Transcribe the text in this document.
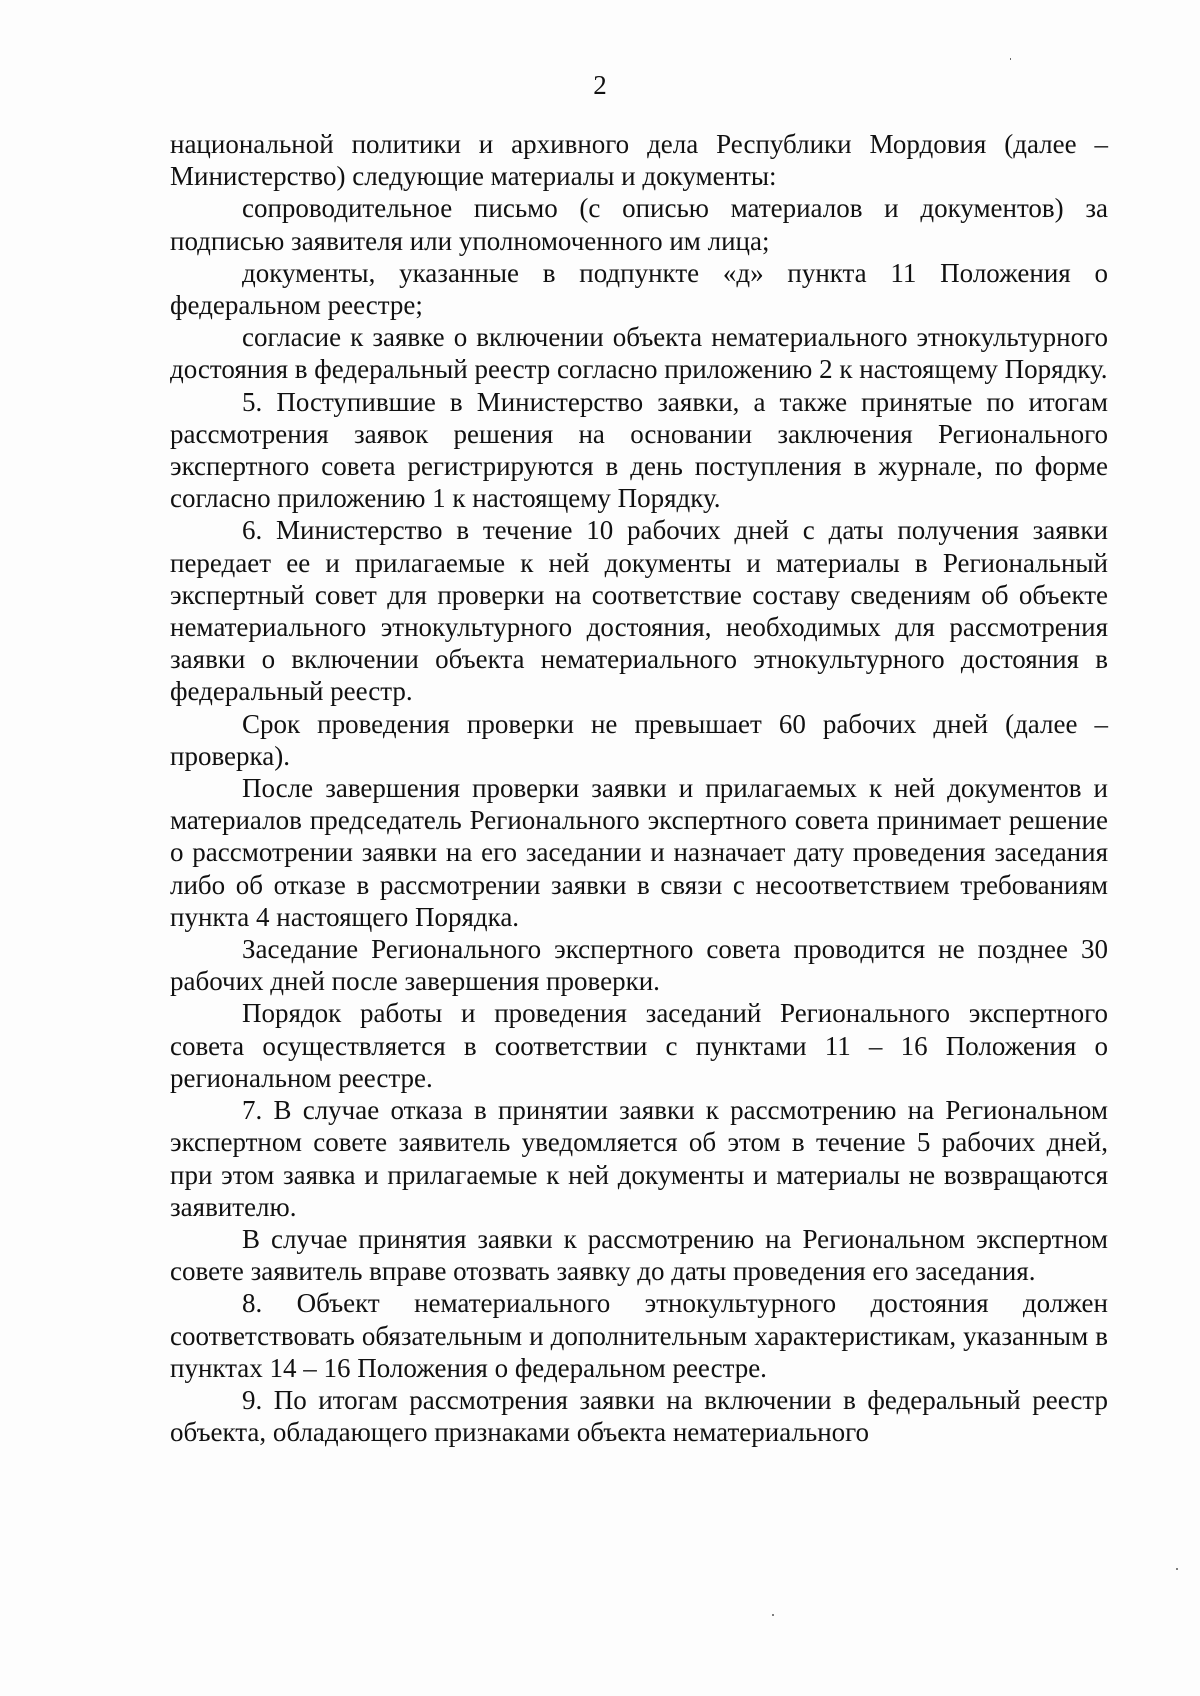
2

национальной политики и архивного дела Республики Мордовия (далее – Министерство) следующие материалы и документы:

сопроводительное письмо (с описью материалов и документов) за подписью заявителя или уполномоченного им лица;

документы, указанные в подпункте «д» пункта 11 Положения о федеральном реестре;

согласие к заявке о включении объекта нематериального этнокультурного достояния в федеральный реестр согласно приложению 2 к настоящему Порядку.

5. Поступившие в Министерство заявки, а также принятые по итогам рассмотрения заявок решения на основании заключения Регионального экспертного совета регистрируются в день поступления в журнале, по форме согласно приложению 1 к настоящему Порядку.

6. Министерство в течение 10 рабочих дней с даты получения заявки передает ее и прилагаемые к ней документы и материалы в Региональный экспертный совет для проверки на соответствие составу сведениям об объекте нематериального этнокультурного достояния, необходимых для рассмотрения заявки о включении объекта нематериального этнокультурного достояния в федеральный реестр.

Срок проведения проверки не превышает 60 рабочих дней (далее – проверка).

После завершения проверки заявки и прилагаемых к ней документов и материалов председатель Регионального экспертного совета принимает решение о рассмотрении заявки на его заседании и назначает дату проведения заседания либо об отказе в рассмотрении заявки в связи с несоответствием требованиям пункта 4 настоящего Порядка.

Заседание Регионального экспертного совета проводится не позднее 30 рабочих дней после завершения проверки.

Порядок работы и проведения заседаний Регионального экспертного совета осуществляется в соответствии с пунктами 11 – 16 Положения о региональном реестре.

7. В случае отказа в принятии заявки к рассмотрению на Региональном экспертном совете заявитель уведомляется об этом в течение 5 рабочих дней, при этом заявка и прилагаемые к ней документы и материалы не возвращаются заявителю.

В случае принятия заявки к рассмотрению на Региональном экспертном совете заявитель вправе отозвать заявку до даты проведения его заседания.

8. Объект нематериального этнокультурного достояния должен соответствовать обязательным и дополнительным характеристикам, указанным в пунктах 14 – 16 Положения о федеральном реестре.

9. По итогам рассмотрения заявки на включении в федеральный реестр объекта, обладающего признаками объекта нематериального
